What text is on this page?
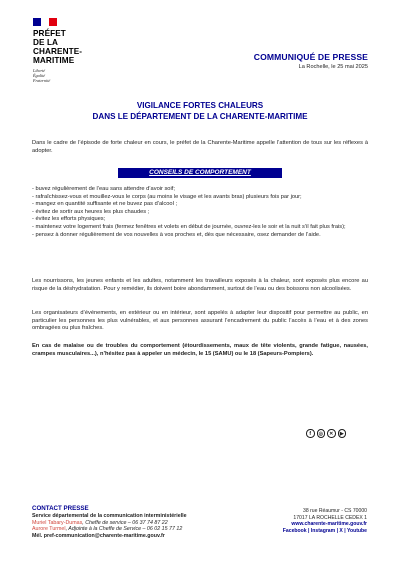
PRÉFET
DE LA
CHARENTE-
MARITIME
Liberté
Égalité
Fraternité
COMMUNIQUÉ DE PRESSE
La Rochelle, le 25 mai 2025
VIGILANCE FORTES CHALEURS
DANS LE DÉPARTEMENT DE LA CHARENTE-MARITIME

Dans le cadre de l’épisode de forte chaleur en cours, le préfet de la Charente-Maritime appelle l’attention de tous sur les réflexes à adopter.

CONSEILS DE COMPORTEMENT
- buvez régulièrement de l’eau sans attendre d’avoir soif;
- rafraîchissez-vous et mouillez-vous le corps (au moins le visage et les avants bras) plusieurs fois par jour;
- mangez en quantité suffisante et ne buvez pas d’alcool ;
- évitez de sortir aux heures les plus chaudes ;
- évitez les efforts physiques;
- maintenez votre logement frais (fermez fenêtres et volets en début de journée, ouvrez-les le soir et la nuit s’il fait plus frais);
- pensez à donner régulièrement de vos nouvelles à vos proches et, dès que nécessaire, osez demander de l’aide.

Les nourrissons, les jeunes enfants et les adultes, notamment les travailleurs exposés à la chaleur, sont exposés plus encore au risque de la déshydratation. Pour y remédier, ils doivent boire abondamment, surtout de l’eau ou des boissons non alcoolisées.

Les organisateurs d’événements, en extérieur ou en intérieur, sont appelés à adapter leur dispositif pour permettre au public, en particulier les personnes les plus vulnérables, et aux personnes assurant l’encadrement du public l’accès à l’eau et à des zones ombragées ou plus fraîches.

En cas de malaise ou de troubles du comportement (étourdissements, maux de tête violents, grande fatigue, nausées, crampes musculaires...), n’hésitez pas à appeler un médecin, le 15 (SAMU) ou le 18 (Sapeurs-Pompiers).

f	◎	✕	▶
CONTACT PRESSE
Service départemental de la communication interministérielle
Muriel Tabary-Dumas, Cheffe de service – 06 37 74 87 22
Aurore Turmel, Adjointe à la Cheffe de Service – 06 02 15 77 12
Mél. pref-communication@charente-maritime.gouv.fr
38 rue Réaumur - CS 70000
17017 LA ROCHELLE CEDEX 1
www.charente-maritime.gouv.fr
Facebook | Instagram | X | Youtube
